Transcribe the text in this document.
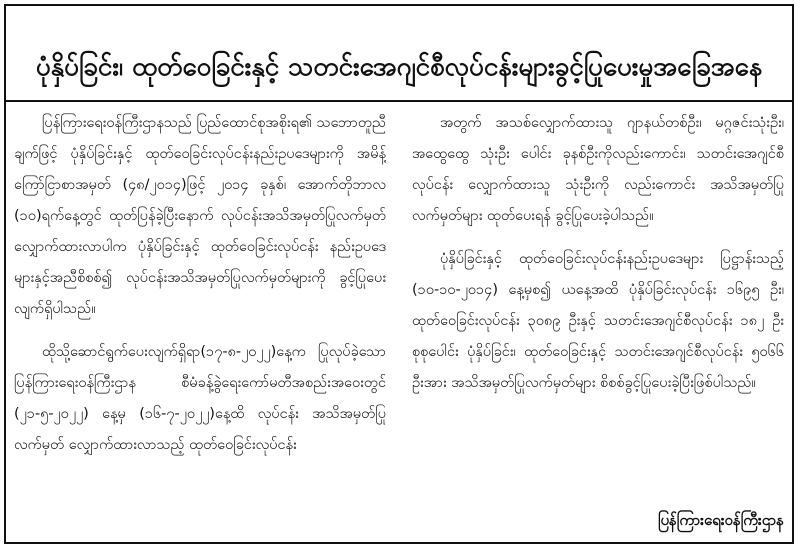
ပုံနှိပ်ခြင်း၊ ထုတ်ဝေခြင်းနှင့် သတင်းအေဂျင်စီလုပ်ငန်းများခွင့်ပြုပေးမှုအခြေအနေ

ပြန်ကြားရေးဝန်ကြီးဌာနသည် ပြည်ထောင်စုအစိုးရ၏ သဘောတူညီချက်ဖြင့် ပုံနှိပ်ခြင်းနှင့် ထုတ်ဝေခြင်းလုပ်ငန်းနည်းဥပဒေများကို အမိန့်ကြော်ငြာစာအမှတ် (၄၈/၂၀၁၄)ဖြင့် ၂၀၁၄ ခုနှစ်၊ အောက်တိုဘာလ (၁၀)ရက်နေ့တွင် ထုတ်ပြန်ခဲ့ပြီးနောက် လုပ်ငန်းအသိအမှတ်ပြုလက်မှတ် လျှောက်ထားလာပါက ပုံနှိပ်ခြင်းနှင့် ထုတ်ဝေခြင်းလုပ်ငန်း နည်းဥပဒေများနှင့်အညီစိစစ်၍ လုပ်ငန်းအသိအမှတ်ပြုလက်မှတ်များကို ခွင့်ပြုပေးလျက်ရှိပါသည်။

ထိုသို့ဆောင်ရွက်ပေးလျက်ရှိရာ(၁၇-၈-၂၀၂၂)နေ့က ပြုလုပ်ခဲ့သော ပြန်ကြားရေးဝန်ကြီးဌာန စီမံခန့်ခွဲရေးကော်မတီအစည်းအဝေးတွင် (၂၁-၅-၂၀၂၂) နေ့မှ (၁၆-၇-၂၀၂၂)နေ့ထိ လုပ်ငန်း အသိအမှတ်ပြုလက်မှတ် လျှောက်ထားလာသည့် ထုတ်ဝေခြင်းလုပ်ငန်း

အတွက် အသစ်လျှောက်ထားသူ ဂျာနယ်တစ်ဦး၊ မဂ္ဂဇင်းသုံးဦး၊ အထွေထွေ သုံးဦး ပေါင်း ခုနစ်ဦးကိုလည်းကောင်း၊ သတင်းအေဂျင်စီလုပ်ငန်း လျှောက်ထားသူ သုံးဦးကို လည်းကောင်း အသိအမှတ်ပြုလက်မှတ်များ ထုတ်ပေးရန် ခွင့်ပြုပေးခဲ့ပါသည်။

ပုံနှိပ်ခြင်းနှင့် ထုတ်ဝေခြင်းလုပ်ငန်းနည်းဥပဒေများ ပြဋ္ဌာန်းသည့် (၁၀-၁၀-၂၀၁၄) နေ့မှစ၍ ယနေ့အထိ ပုံနှိပ်ခြင်းလုပ်ငန်း ၁၆၉၅ ဦး၊ ထုတ်ဝေခြင်းလုပ်ငန်း ၃၀၈၉ ဦးနှင့် သတင်းအေဂျင်စီလုပ်ငန်း ၁၈၂ ဦး စုစုပေါင်း ပုံနှိပ်ခြင်း၊ ထုတ်ဝေခြင်းနှင့် သတင်းအေဂျင်စီလုပ်ငန်း ၅၀၆၆ ဦးအား အသိအမှတ်ပြုလက်မှတ်များ စိစစ်ခွင့်ပြုပေးခဲ့ပြီးဖြစ်ပါသည်။

ပြန်ကြားရေးဝန်ကြီးဌာန
